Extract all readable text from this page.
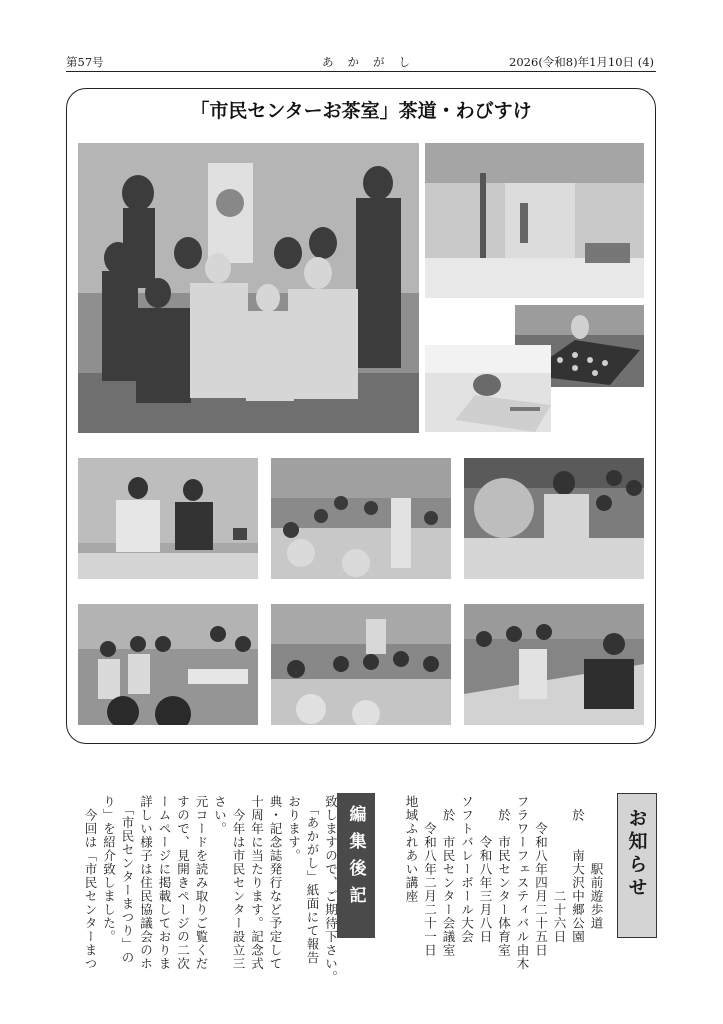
第57号	あかがし	2026(令和8)年1月10日 (4)
「市民センターお茶室」茶道・わびすけ
お知らせ

　　　　　駅前遊歩道
　於　　南大沢中郷公園
　　　　　　　二十六日
　　令和八年四月二十五日
フラワーフェスティバル由木
　於　市民センター体育室
　　　令和八年三月八日
ソフトバレーボール大会
　於　市民センター会議室
　　令和八年二月二十一日
地域ふれあい講座

編集後記

致しますので、ご期待下さい。
　「あかがし」紙面にて報告
おります。
典・記念誌発行など予定して
十周年に当たります。記念式
　今年は市民センター設立三
さい。
元コードを読み取りご覧くだ
すので、見開きページの二次
ームページに掲載しておりま
詳しい様子は住民協議会のホ
　「市民センターまつり」の
り」を紹介致しました。
　今回は「市民センターまつ
